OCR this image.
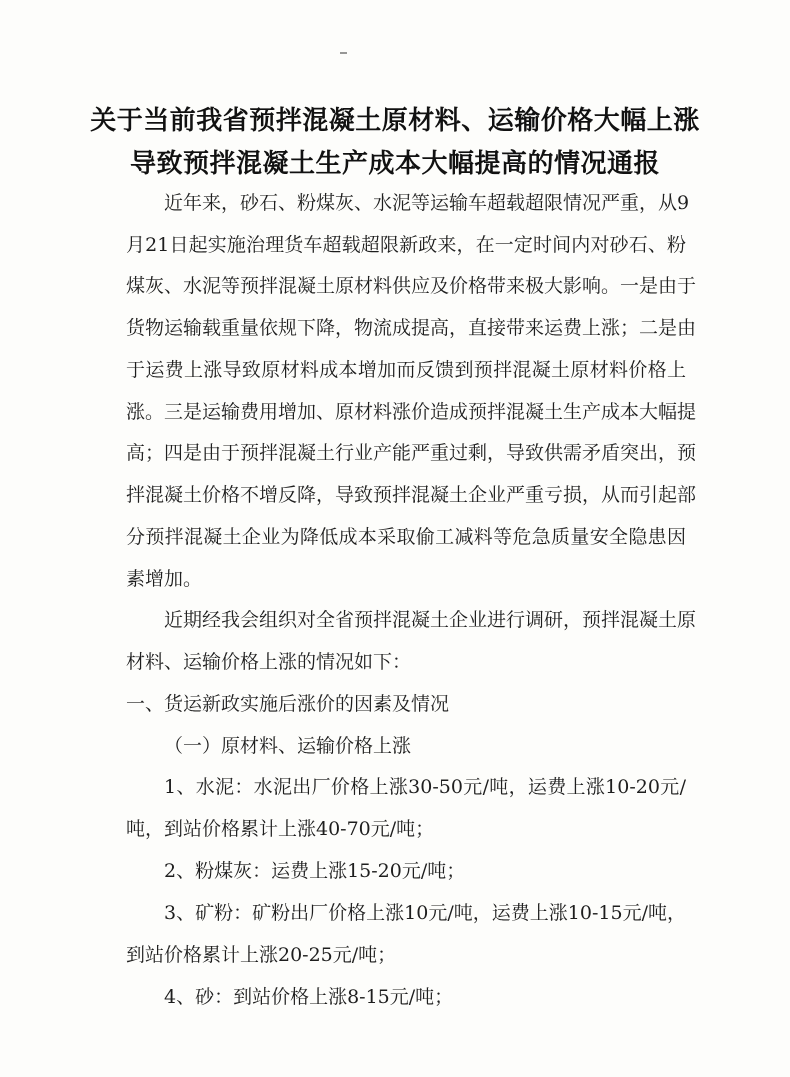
关于当前我省预拌混凝土原材料、运输价格大幅上涨
导致预拌混凝土生产成本大幅提高的情况通报
近年来，砂石、粉煤灰、水泥等运输车超载超限情况严重，从9
月21日起实施治理货车超载超限新政来，在一定时间内对砂石、粉
煤灰、水泥等预拌混凝土原材料供应及价格带来极大影响。一是由于
货物运输载重量依规下降，物流成提高，直接带来运费上涨；二是由
于运费上涨导致原材料成本增加而反馈到预拌混凝土原材料价格上
涨。三是运输费用增加、原材料涨价造成预拌混凝土生产成本大幅提
高；四是由于预拌混凝土行业产能严重过剩，导致供需矛盾突出，预
拌混凝土价格不增反降，导致预拌混凝土企业严重亏损，从而引起部
分预拌混凝土企业为降低成本采取偷工减料等危急质量安全隐患因
素增加。
近期经我会组织对全省预拌混凝土企业进行调研，预拌混凝土原
材料、运输价格上涨的情况如下：
一、货运新政实施后涨价的因素及情况
（一）原材料、运输价格上涨
1、水泥：水泥出厂价格上涨30-50元/吨，运费上涨10-20元/
吨，到站价格累计上涨40-70元/吨；
2、粉煤灰：运费上涨15-20元/吨；
3、矿粉：矿粉出厂价格上涨10元/吨，运费上涨10-15元/吨，
到站价格累计上涨20-25元/吨；
4、砂：到站价格上涨8-15元/吨；
